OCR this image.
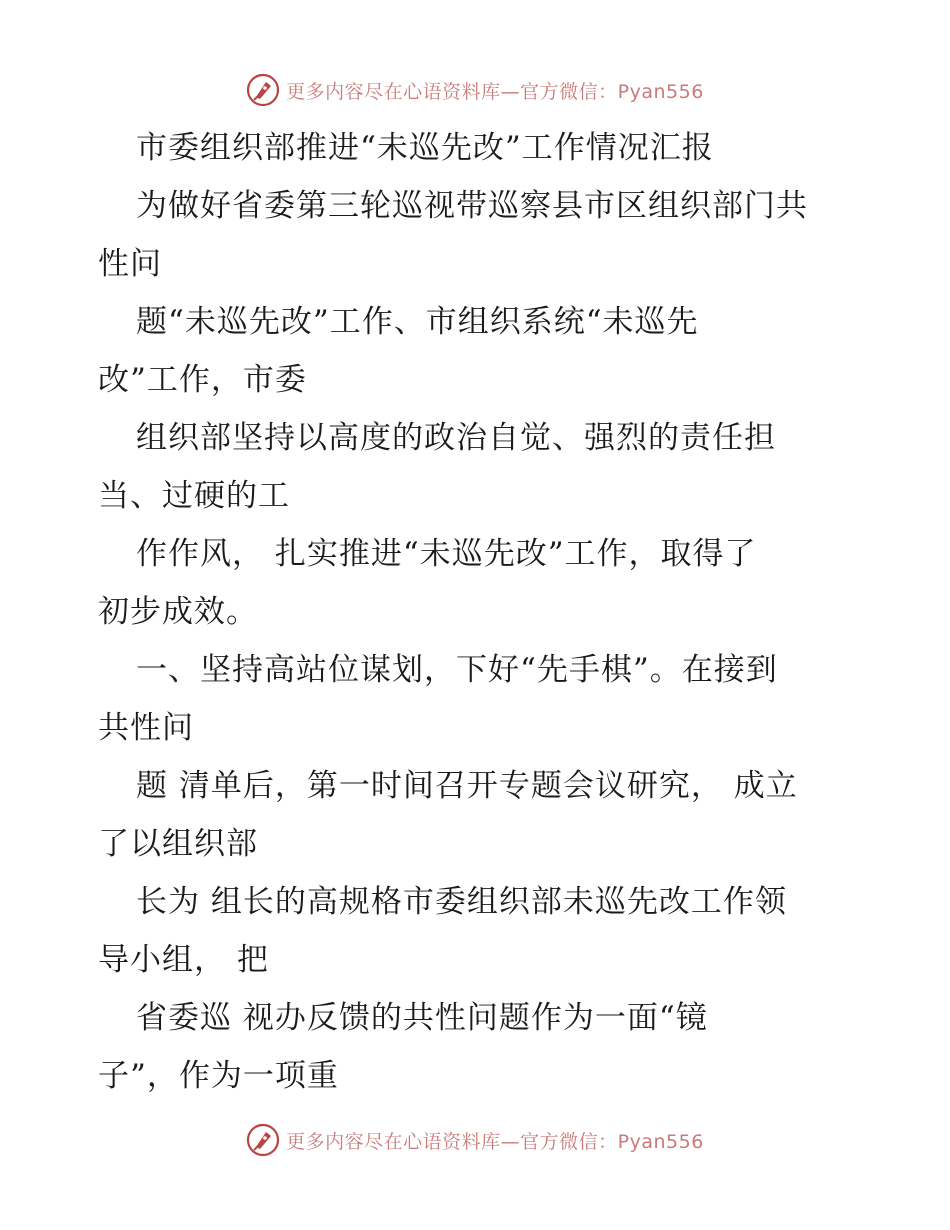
更多内容尽在心语资料库—官方微信：Pyan556
市委组织部推进“未巡先改”工作情况汇报
为做好省委第三轮巡视带巡察县市区组织部门共
性问
题“未巡先改”工作、市组织系统“未巡先
改”工作，市委
组织部坚持以高度的政治自觉、强烈的责任担
当、过硬的工
作作风， 扎实推进“未巡先改”工作，取得了
初步成效。
一、坚持高站位谋划，下好“先手棋”。在接到
共性问
题 清单后，第一时间召开专题会议研究， 成立
了以组织部
长为 组长的高规格市委组织部未巡先改工作领
导小组， 把
省委巡 视办反馈的共性问题作为一面“镜
子”，作为一项重
更多内容尽在心语资料库—官方微信：Pyan556
